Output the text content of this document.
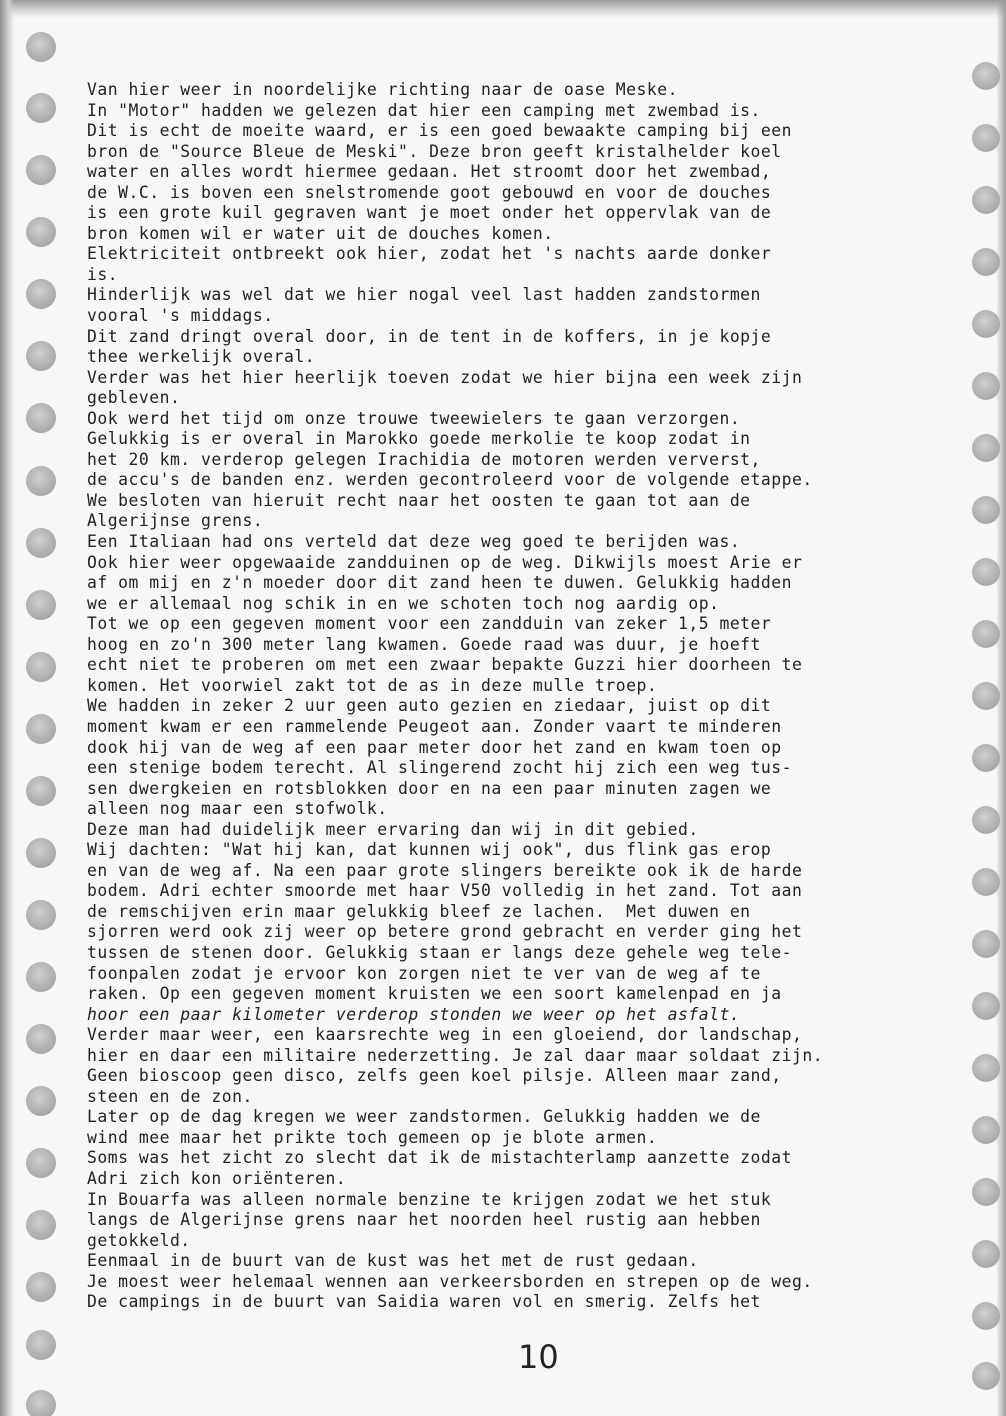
Van hier weer in noordelijke richting naar de oase Meske.
In "Motor" hadden we gelezen dat hier een camping met zwembad is.
Dit is echt de moeite waard, er is een goed bewaakte camping bij een
bron de "Source Bleue de Meski". Deze bron geeft kristalhelder koel
water en alles wordt hiermee gedaan. Het stroomt door het zwembad,
de W.C. is boven een snelstromende goot gebouwd en voor de douches
is een grote kuil gegraven want je moet onder het oppervlak van de
bron komen wil er water uit de douches komen.
Elektriciteit ontbreekt ook hier, zodat het 's nachts aarde donker
is.
Hinderlijk was wel dat we hier nogal veel last hadden zandstormen
vooral 's middags.
Dit zand dringt overal door, in de tent in de koffers, in je kopje
thee werkelijk overal.
Verder was het hier heerlijk toeven zodat we hier bijna een week zijn
gebleven.
Ook werd het tijd om onze trouwe tweewielers te gaan verzorgen.
Gelukkig is er overal in Marokko goede merkolie te koop zodat in
het 20 km. verderop gelegen Irachidia de motoren werden ververst,
de accu's de banden enz. werden gecontroleerd voor de volgende etappe.
We besloten van hieruit recht naar het oosten te gaan tot aan de
Algerijnse grens.
Een Italiaan had ons verteld dat deze weg goed te berijden was.
Ook hier weer opgewaaide zandduinen op de weg. Dikwijls moest Arie er
af om mij en z'n moeder door dit zand heen te duwen. Gelukkig hadden
we er allemaal nog schik in en we schoten toch nog aardig op.
Tot we op een gegeven moment voor een zandduin van zeker 1,5 meter
hoog en zo'n 300 meter lang kwamen. Goede raad was duur, je hoeft
echt niet te proberen om met een zwaar bepakte Guzzi hier doorheen te
komen. Het voorwiel zakt tot de as in deze mulle troep.
We hadden in zeker 2 uur geen auto gezien en ziedaar, juist op dit
moment kwam er een rammelende Peugeot aan. Zonder vaart te minderen
dook hij van de weg af een paar meter door het zand en kwam toen op
een stenige bodem terecht. Al slingerend zocht hij zich een weg tus-
sen dwergkeien en rotsblokken door en na een paar minuten zagen we
alleen nog maar een stofwolk.
Deze man had duidelijk meer ervaring dan wij in dit gebied.
Wij dachten: "Wat hij kan, dat kunnen wij ook", dus flink gas erop
en van de weg af. Na een paar grote slingers bereikte ook ik de harde
bodem. Adri echter smoorde met haar V50 volledig in het zand. Tot aan
de remschijven erin maar gelukkig bleef ze lachen.  Met duwen en
sjorren werd ook zij weer op betere grond gebracht en verder ging het
tussen de stenen door. Gelukkig staan er langs deze gehele weg tele-
foonpalen zodat je ervoor kon zorgen niet te ver van de weg af te
raken. Op een gegeven moment kruisten we een soort kamelenpad en ja
hoor een paar kilometer verderop stonden we weer op het asfalt.
Verder maar weer, een kaarsrechte weg in een gloeiend, dor landschap,
hier en daar een militaire nederzetting. Je zal daar maar soldaat zijn.
Geen bioscoop geen disco, zelfs geen koel pilsje. Alleen maar zand,
steen en de zon.
Later op de dag kregen we weer zandstormen. Gelukkig hadden we de
wind mee maar het prikte toch gemeen op je blote armen.
Soms was het zicht zo slecht dat ik de mistachterlamp aanzette zodat
Adri zich kon oriënteren.
In Bouarfa was alleen normale benzine te krijgen zodat we het stuk
langs de Algerijnse grens naar het noorden heel rustig aan hebben
getokkeld.
Eenmaal in de buurt van de kust was het met de rust gedaan.
Je moest weer helemaal wennen aan verkeersborden en strepen op de weg.
De campings in de buurt van Saidia waren vol en smerig. Zelfs het
10
